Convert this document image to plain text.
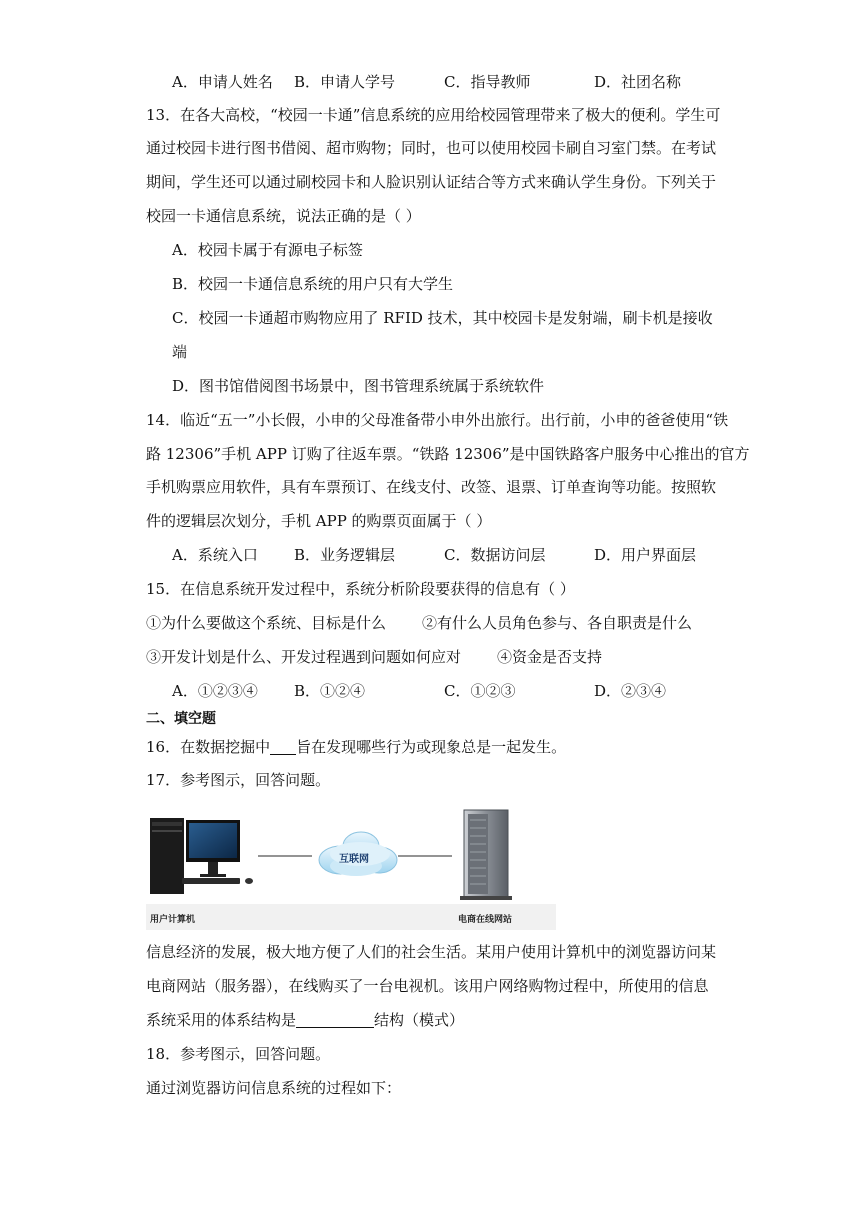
A．申请人姓名 B．申请人学号	C．指导教师	D．社团名称
13．在各大高校，“校园一卡通”信息系统的应用给校园管理带来了极大的便利。学生可
通过校园卡进行图书借阅、超市购物；同时，也可以使用校园卡刷自习室门禁。在考试
期间，学生还可以通过刷校园卡和人脸识别认证结合等方式来确认学生身份。下列关于
校园一卡通信息系统，说法正确的是（ ）
A．校园卡属于有源电子标签
B．校园一卡通信息系统的用户只有大学生
C．校园一卡通超市购物应用了 RFID 技术，其中校园卡是发射端，刷卡机是接收
端
D．图书馆借阅图书场景中，图书管理系统属于系统软件
14．临近“五一”小长假，小申的父母准备带小申外出旅行。出行前，小申的爸爸使用“铁
路 12306”手机 APP 订购了往返车票。“铁路 12306”是中国铁路客户服务中心推出的官方
手机购票应用软件，具有车票预订、在线支付、改签、退票、订单查询等功能。按照软
件的逻辑层次划分，手机 APP 的购票页面属于（ ）
A．系统入口 B．业务逻辑层	C．数据访问层	D．用户界面层
15．在信息系统开发过程中，系统分析阶段要获得的信息有（ ）
①为什么要做这个系统、目标是什么 ②有什么人员角色参与、各自职责是什么
③开发计划是什么、开发过程遇到问题如何应对 ④资金是否支持
A．①②③④ B．①②④	C．①②③	D．②③④
二、填空题
16．在数据挖掘中 旨在发现哪些行为或现象总是一起发生。
17．参考图示，回答问题。
互联网
用户计算机	电商在线网站
信息经济的发展，极大地方便了人们的社会生活。某用户使用计算机中的浏览器访问某
电商网站（服务器），在线购买了一台电视机。该用户网络购物过程中，所使用的信息
系统采用的体系结构是	结构（模式）
18．参考图示，回答问题。
通过浏览器访问信息系统的过程如下：
